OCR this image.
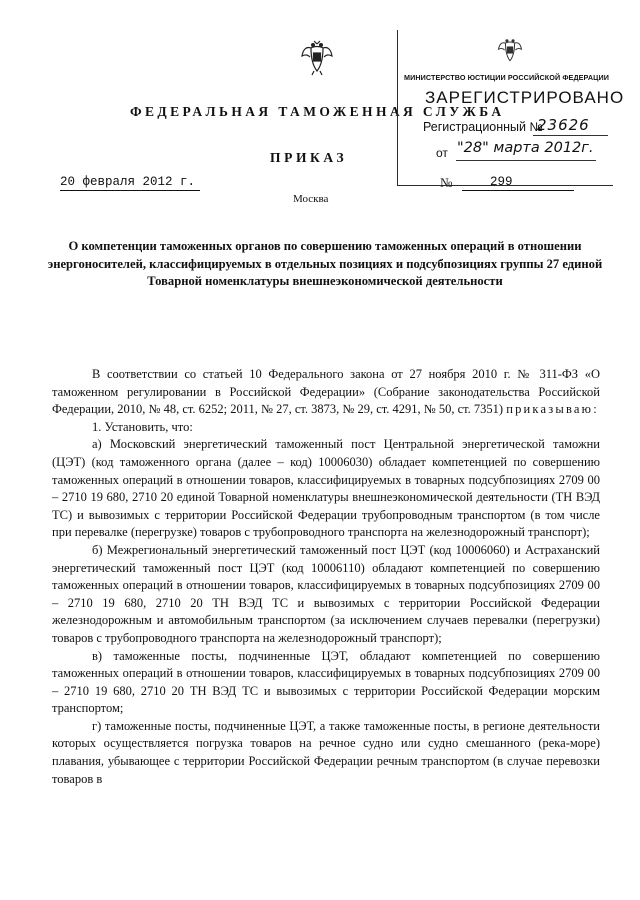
ФЕДЕРАЛЬНАЯ ТАМОЖЕННАЯ СЛУЖБА
ПРИКАЗ
20 февраля 2012 г.	№	299
Москва
МИНИСТЕРСТВО ЮСТИЦИИ РОССИЙСКОЙ ФЕДЕРАЦИИ
ЗАРЕГИСТРИРОВАНО
Регистрационный №
23626
от "28" марта 2012г.
О компетенции таможенных органов по совершению таможенных операций в отношении энергоносителей, классифицируемых в отдельных позициях и подсубпозициях группы 27 единой Товарной номенклатуры внешнеэкономической деятельности

В соответствии со статьей 10 Федерального закона от 27 ноября 2010 г. № 311-ФЗ «О таможенном регулировании в Российской Федерации» (Собрание законодательства Российской Федерации, 2010, № 48, ст. 6252; 2011, № 27, ст. 3873, № 29, ст. 4291, № 50, ст. 7351) приказываю:

1. Установить, что:

а) Московский энергетический таможенный пост Центральной энергетической таможни (ЦЭТ) (код таможенного органа (далее – код) 10006030) обладает компетенцией по совершению таможенных операций в отношении товаров, классифицируемых в товарных подсубпозициях 2709 00 – 2710 19 680, 2710 20 единой Товарной номенклатуры внешнеэкономической деятельности (ТН ВЭД ТС) и вывозимых с территории Российской Федерации трубопроводным транспортом (в том числе при перевалке (перегрузке) товаров с трубопроводного транспорта на железнодорожный транспорт);

б) Межрегиональный энергетический таможенный пост ЦЭТ (код 10006060) и Астраханский энергетический таможенный пост ЦЭТ (код 10006110) обладают компетенцией по совершению таможенных операций в отношении товаров, классифицируемых в товарных подсубпозициях 2709 00 – 2710 19 680, 2710 20 ТН ВЭД ТС и вывозимых с территории Российской Федерации железнодорожным и автомобильным транспортом (за исключением случаев перевалки (перегрузки) товаров с трубопроводного транспорта на железнодорожный транспорт);

в) таможенные посты, подчиненные ЦЭТ, обладают компетенцией по совершению таможенных операций в отношении товаров, классифицируемых в товарных подсубпозициях 2709 00 – 2710 19 680, 2710 20 ТН ВЭД ТС и вывозимых с территории Российской Федерации морским транспортом;

г) таможенные посты, подчиненные ЦЭТ, а также таможенные посты, в регионе деятельности которых осуществляется погрузка товаров на речное судно или судно смешанного (река-море) плавания, убывающее с территории Российской Федерации речным транспортом (в случае перевозки товаров в
